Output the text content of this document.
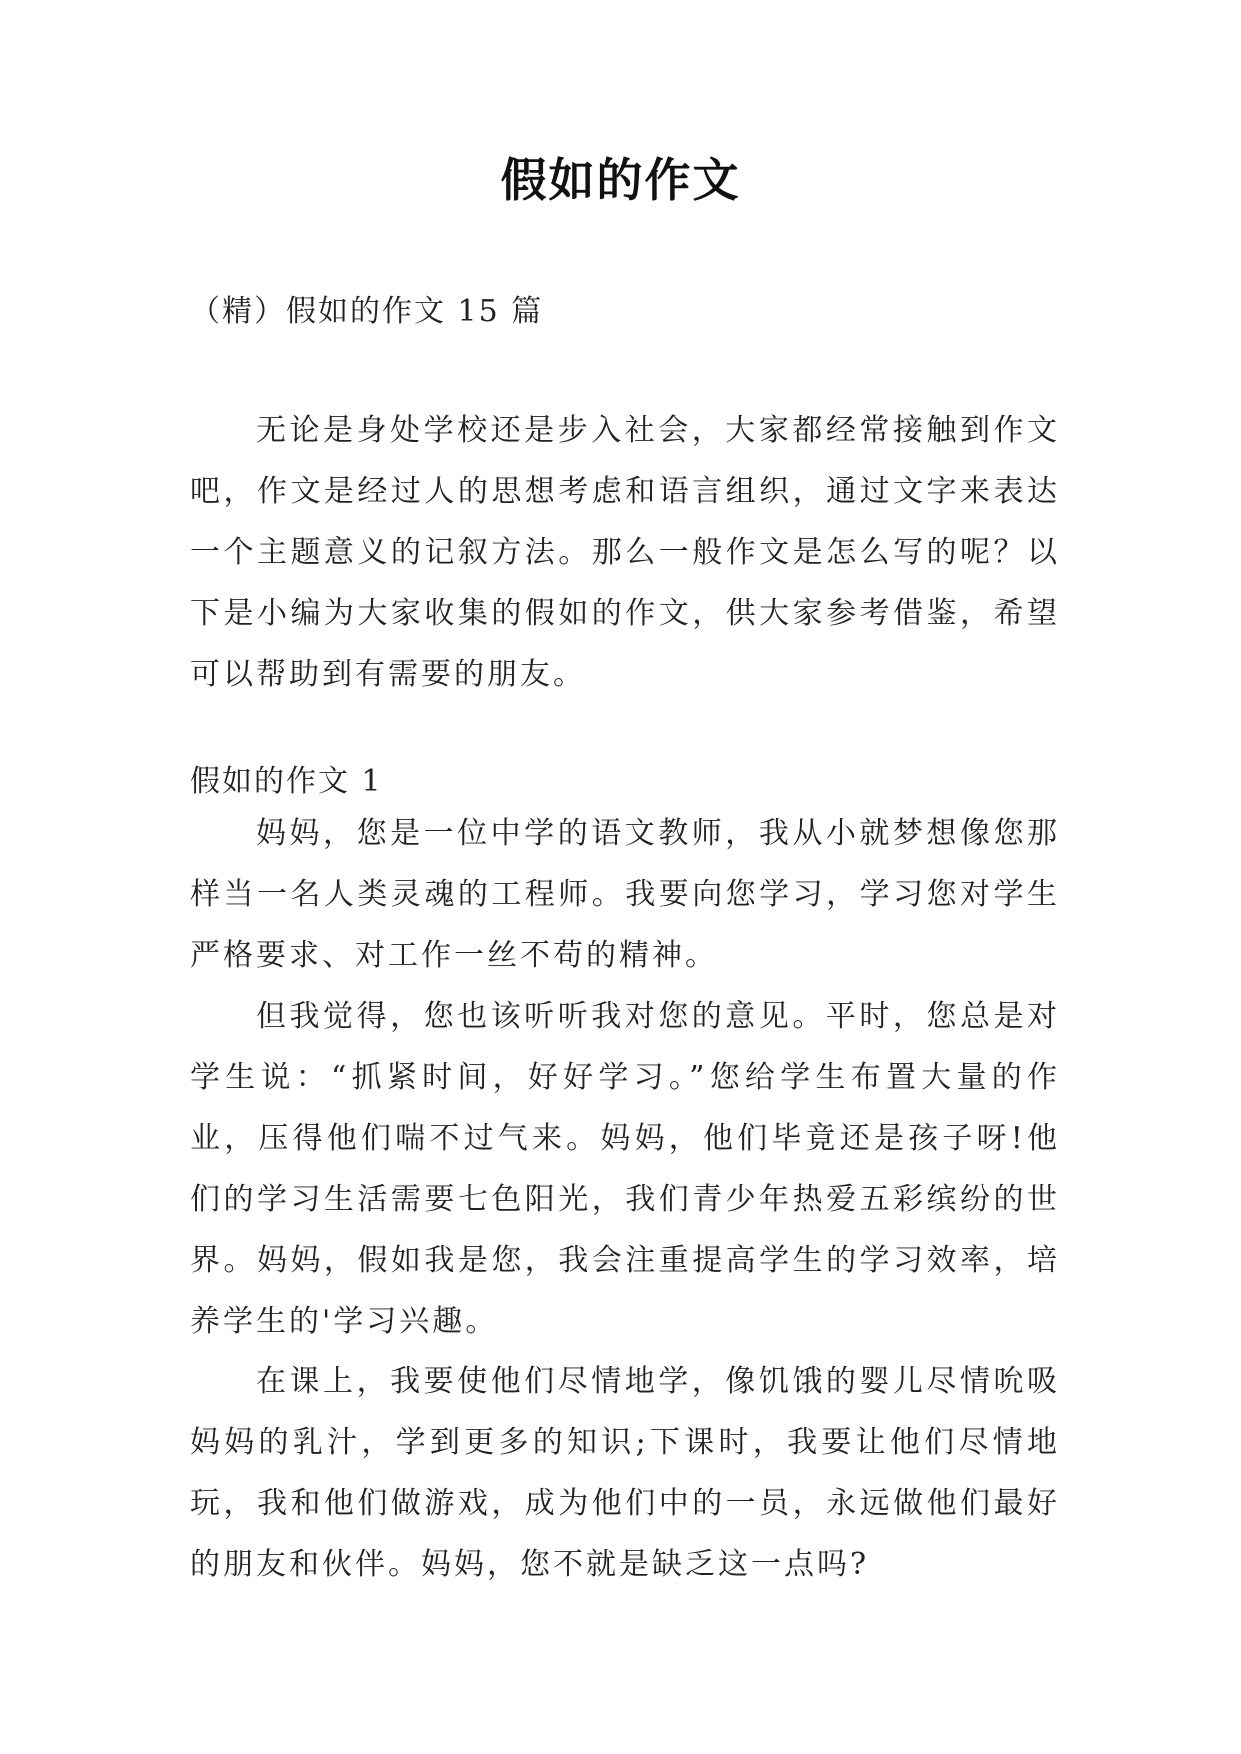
假如的作文
（精）假如的作文 15 篇

无论是身处学校还是步入社会，大家都经常接触到作文吧，作文是经过人的思想考虑和语言组织，通过文字来表达一个主题意义的记叙方法。那么一般作文是怎么写的呢？以下是小编为大家收集的假如的作文，供大家参考借鉴，希望可以帮助到有需要的朋友。

假如的作文 1

妈妈，您是一位中学的语文教师，我从小就梦想像您那样当一名人类灵魂的工程师。我要向您学习，学习您对学生严格要求、对工作一丝不苟的精神。

但我觉得，您也该听听我对您的意见。平时，您总是对学生说：“抓紧时间，好好学习。”您给学生布置大量的作业，压得他们喘不过气来。妈妈，他们毕竟还是孩子呀!他们的学习生活需要七色阳光，我们青少年热爱五彩缤纷的世界。妈妈，假如我是您，我会注重提高学生的学习效率，培养学生的'学习兴趣。

在课上，我要使他们尽情地学，像饥饿的婴儿尽情吮吸妈妈的乳汁，学到更多的知识;下课时，我要让他们尽情地玩，我和他们做游戏，成为他们中的一员，永远做他们最好的朋友和伙伴。妈妈，您不就是缺乏这一点吗?
